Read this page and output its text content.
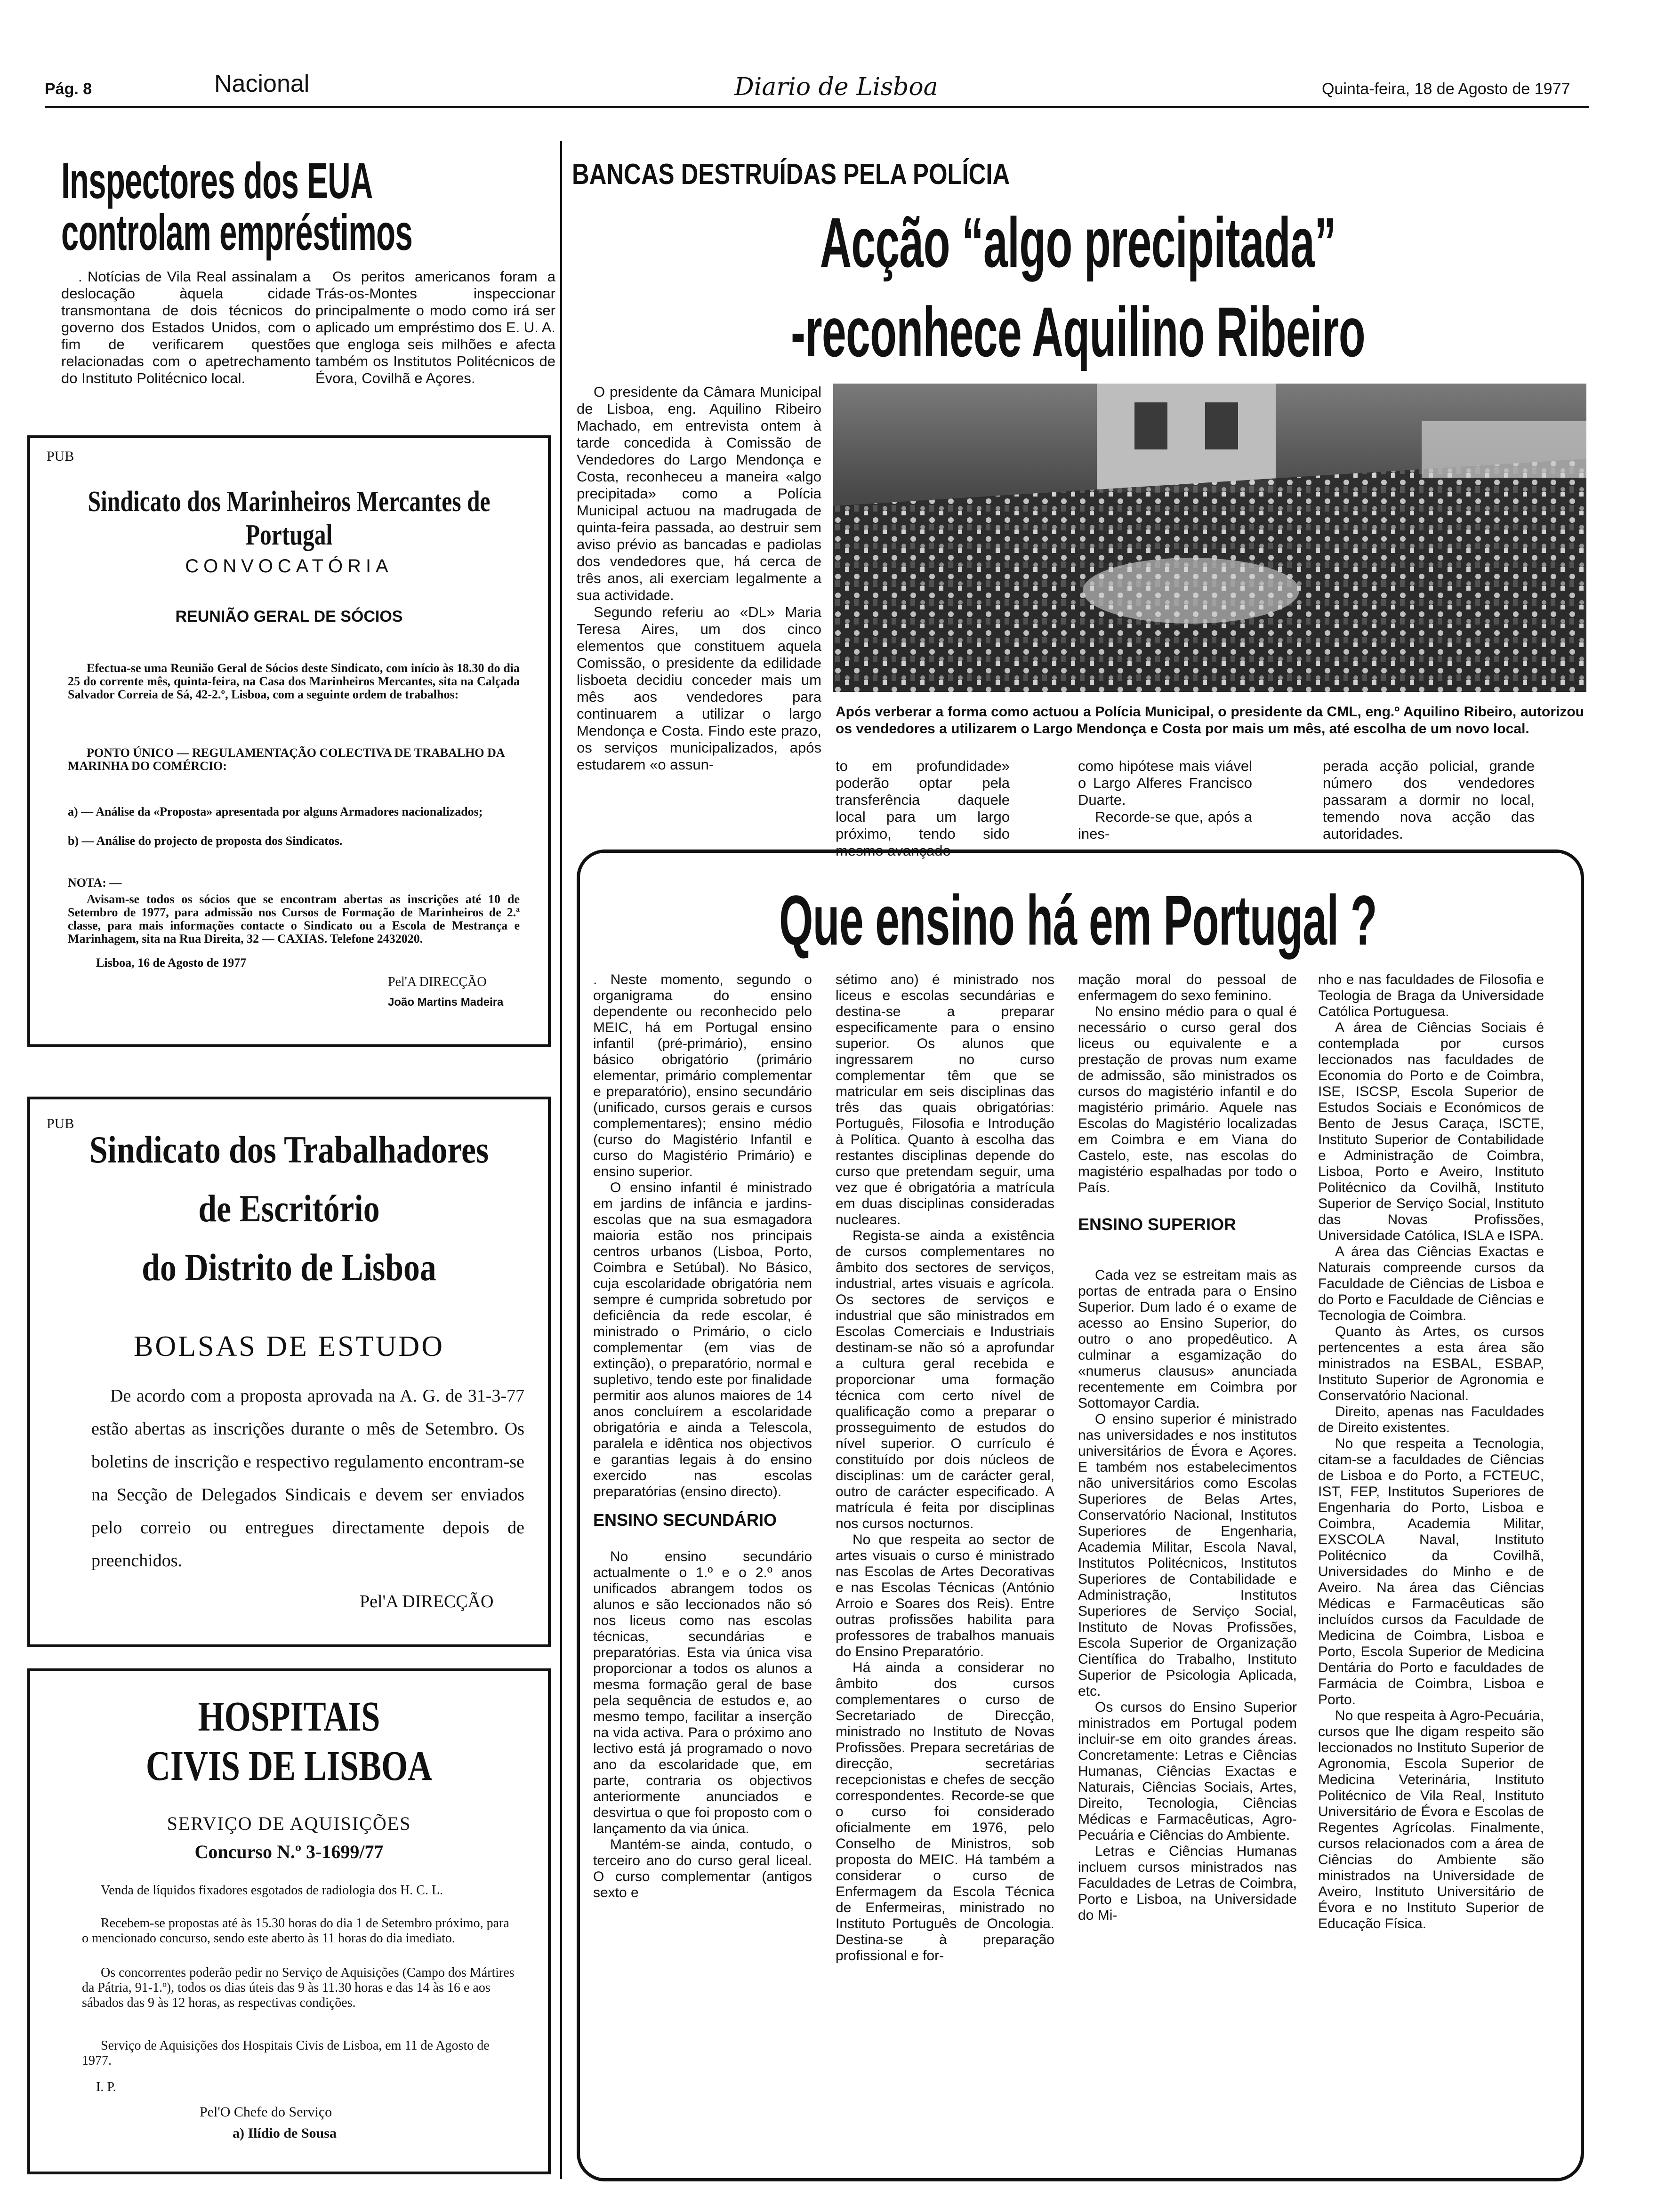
Pág. 8	Nacional	Diario de Lisboa	Quinta-feira, 18 de Agosto de 1977
Inspectores dos EUA
controlam empréstimos

. Notícias de Vila Real assinalam a deslocação àquela cidade transmontana de dois técnicos do governo dos Estados Unidos, com o fim de verificarem questões relacionadas com o apetrechamento do Instituto Politécnico local.

Os peritos americanos foram a Trás-os-Montes inspeccionar principalmente o modo como irá ser aplicado um empréstimo dos E. U. A. que engloga seis milhões e afecta também os Institutos Politécnicos de Évora, Covilhã e Açores.

PUB
Sindicato dos Marinheiros Mercantes de Portugal
CONVOCATÓRIA
REUNIÃO GERAL DE SÓCIOS
Efectua-se uma Reunião Geral de Sócios deste Sindicato, com início às 18.30 do dia 25 do corrente mês, quinta-feira, na Casa dos Marinheiros Mercantes, sita na Calçada Salvador Correia de Sá, 42-2.º, Lisboa, com a seguinte ordem de trabalhos:
PONTO ÚNICO — REGULAMENTAÇÃO COLECTIVA DE TRABALHO DA MARINHA DO COMÉRCIO:
a) — Análise da «Proposta» apresentada por alguns Armadores nacionalizados;
b) — Análise do projecto de proposta dos Sindicatos.
NOTA: —
Avisam-se todos os sócios que se encontram abertas as inscrições até 10 de Setembro de 1977, para admissão nos Cursos de Formação de Marinheiros de 2.ª classe, para mais informações contacte o Sindicato ou a Escola de Mestrança e Marinhagem, sita na Rua Direita, 32 — CAXIAS. Telefone 2432020.
Lisboa, 16 de Agosto de 1977
Pel'A DIRECÇÃO
João Martins Madeira
PUB
Sindicato dos Trabalhadores
de Escritório
do Distrito de Lisboa
BOLSAS DE ESTUDO
De acordo com a proposta aprovada na A. G. de 31-3-77 estão abertas as inscrições durante o mês de Setembro. Os boletins de inscrição e respectivo regulamento encontram-se na Secção de Delegados Sindicais e devem ser enviados pelo correio ou entregues directamente depois de preenchidos.
Pel'A DIRECÇÃO
HOSPITAIS
CIVIS DE LISBOA
SERVIÇO DE AQUISIÇÕES
Concurso N.º 3-1699/77
Venda de líquidos fixadores esgotados de radiologia dos H. C. L.
Recebem-se propostas até às 15.30 horas do dia 1 de Setembro próximo, para o mencionado concurso, sendo este aberto às 11 horas do dia imediato.
Os concorrentes poderão pedir no Serviço de Aquisições (Campo dos Mártires da Pátria, 91-1.º), todos os dias úteis das 9 às 11.30 horas e das 14 às 16 e aos sábados das 9 às 12 horas, as respectivas condições.
Serviço de Aquisições dos Hospitais Civis de Lisboa, em 11 de Agosto de 1977.
I. P.
Pel'O Chefe do Serviço
a) Ilídio de Sousa
BANCAS DESTRUÍDAS PELA POLÍCIA
Acção “algo precipitada”
-reconhece Aquilino Ribeiro

O presidente da Câmara Municipal de Lisboa, eng. Aquilino Ribeiro Machado, em entrevista ontem à tarde concedida à Comissão de Vendedores do Largo Mendonça e Costa, reconheceu a maneira «algo precipitada» como a Polícia Municipal actuou na madrugada de quinta-feira passada, ao destruir sem aviso prévio as bancadas e padiolas dos vendedores que, há cerca de três anos, ali exerciam legalmente a sua actividade.

Segundo referiu ao «DL» Maria Teresa Aires, um dos cinco elementos que constituem aquela Comissão, o presidente da edilidade lisboeta decidiu conceder mais um mês aos vendedores para continuarem a utilizar o largo Mendonça e Costa. Findo este prazo, os serviços municipalizados, após estudarem «o assun-

Após verberar a forma como actuou a Polícia Municipal, o presidente da CML, eng.º Aquilino Ribeiro, autorizou os vendedores a utilizarem o Largo Mendonça e Costa por mais um mês, até escolha de um novo local.

to em profundidade» poderão optar pela transferência daquele local para um largo próximo, tendo sido mesmo avançado

como hipótese mais viável o Largo Alferes Francisco Duarte.

Recorde-se que, após a ines-

perada acção policial, grande número dos vendedores passaram a dormir no local, temendo nova acção das autoridades.

Que ensino há em Portugal ?

. Neste momento, segundo o organigrama do ensino dependente ou reconhecido pelo MEIC, há em Portugal ensino infantil (pré-primário), ensino básico obrigatório (primário elementar, primário complementar e preparatório), ensino secundário (unificado, cursos gerais e cursos complementares); ensino médio (curso do Magistério Infantil e curso do Magistério Primário) e ensino superior.

O ensino infantil é ministrado em jardins de infância e jardins-escolas que na sua esmagadora maioria estão nos principais centros urbanos (Lisboa, Porto, Coimbra e Setúbal). No Básico, cuja escolaridade obrigatória nem sempre é cumprida sobretudo por deficiência da rede escolar, é ministrado o Primário, o ciclo complementar (em vias de extinção), o preparatório, normal e supletivo, tendo este por finalidade permitir aos alunos maiores de 14 anos concluírem a escolaridade obrigatória e ainda a Telescola, paralela e idêntica nos objectivos e garantias legais à do ensino exercido nas escolas preparatórias (ensino directo).

ENSINO SECUNDÁRIO

No ensino secundário actualmente o 1.º e o 2.º anos unificados abrangem todos os alunos e são leccionados não só nos liceus como nas escolas técnicas, secundárias e preparatórias. Esta via única visa proporcionar a todos os alunos a mesma formação geral de base pela sequência de estudos e, ao mesmo tempo, facilitar a inserção na vida activa. Para o próximo ano lectivo está já programado o novo ano da escolaridade que, em parte, contraria os objectivos anteriormente anunciados e desvirtua o que foi proposto com o lançamento da via única.

Mantém-se ainda, contudo, o terceiro ano do curso geral liceal. O curso complementar (antigos sexto e

sétimo ano) é ministrado nos liceus e escolas secundárias e destina-se a preparar especificamente para o ensino superior. Os alunos que ingressarem no curso complementar têm que se matricular em seis disciplinas das três das quais obrigatórias: Português, Filosofia e Introdução à Política. Quanto à escolha das restantes disciplinas depende do curso que pretendam seguir, uma vez que é obrigatória a matrícula em duas disciplinas consideradas nucleares.

Regista-se ainda a existência de cursos complementares no âmbito dos sectores de serviços, industrial, artes visuais e agrícola. Os sectores de serviços e industrial que são ministrados em Escolas Comerciais e Industriais destinam-se não só a aprofundar a cultura geral recebida e proporcionar uma formação técnica com certo nível de qualificação como a preparar o prosseguimento de estudos do nível superior. O currículo é constituído por dois núcleos de disciplinas: um de carácter geral, outro de carácter especificado. A matrícula é feita por disciplinas nos cursos nocturnos.

No que respeita ao sector de artes visuais o curso é ministrado nas Escolas de Artes Decorativas e nas Escolas Técnicas (António Arroio e Soares dos Reis). Entre outras profissões habilita para professores de trabalhos manuais do Ensino Preparatório.

Há ainda a considerar no âmbito dos cursos complementares o curso de Secretariado de Direcção, ministrado no Instituto de Novas Profissões. Prepara secretárias de direcção, secretárias recepcionistas e chefes de secção correspondentes. Recorde-se que o curso foi considerado oficialmente em 1976, pelo Conselho de Ministros, sob proposta do MEIC. Há também a considerar o curso de Enfermagem da Escola Técnica de Enfermeiras, ministrado no Instituto Português de Oncologia. Destina-se à preparação profissional e for-

mação moral do pessoal de enfermagem do sexo feminino.

No ensino médio para o qual é necessário o curso geral dos liceus ou equivalente e a prestação de provas num exame de admissão, são ministrados os cursos do magistério infantil e do magistério primário. Aquele nas Escolas do Magistério localizadas em Coimbra e em Viana do Castelo, este, nas escolas do magistério espalhadas por todo o País.

ENSINO SUPERIOR

Cada vez se estreitam mais as portas de entrada para o Ensino Superior. Dum lado é o exame de acesso ao Ensino Superior, do outro o ano propedêutico. A culminar a esgamização do «numerus clausus» anunciada recentemente em Coimbra por Sottomayor Cardia.

O ensino superior é ministrado nas universidades e nos institutos universitários de Évora e Açores. E também nos estabelecimentos não universitários como Escolas Superiores de Belas Artes, Conservatório Nacional, Institutos Superiores de Engenharia, Academia Militar, Escola Naval, Institutos Politécnicos, Institutos Superiores de Contabilidade e Administração, Institutos Superiores de Serviço Social, Instituto de Novas Profissões, Escola Superior de Organização Científica do Trabalho, Instituto Superior de Psicologia Aplicada, etc.

Os cursos do Ensino Superior ministrados em Portugal podem incluir-se em oito grandes áreas. Concretamente: Letras e Ciências Humanas, Ciências Exactas e Naturais, Ciências Sociais, Artes, Direito, Tecnologia, Ciências Médicas e Farmacêuticas, Agro-Pecuária e Ciências do Ambiente.

Letras e Ciências Humanas incluem cursos ministrados nas Faculdades de Letras de Coimbra, Porto e Lisboa, na Universidade do Mi-

nho e nas faculdades de Filosofia e Teologia de Braga da Universidade Católica Portuguesa.

A área de Ciências Sociais é contemplada por cursos leccionados nas faculdades de Economia do Porto e de Coimbra, ISE, ISCSP, Escola Superior de Estudos Sociais e Económicos de Bento de Jesus Caraça, ISCTE, Instituto Superior de Contabilidade e Administração de Coimbra, Lisboa, Porto e Aveiro, Instituto Politécnico da Covilhã, Instituto Superior de Serviço Social, Instituto das Novas Profissões, Universidade Católica, ISLA e ISPA.

A área das Ciências Exactas e Naturais compreende cursos da Faculdade de Ciências de Lisboa e do Porto e Faculdade de Ciências e Tecnologia de Coimbra.

Quanto às Artes, os cursos pertencentes a esta área são ministrados na ESBAL, ESBAP, Instituto Superior de Agronomia e Conservatório Nacional.

Direito, apenas nas Faculdades de Direito existentes.

No que respeita a Tecnologia, citam-se a faculdades de Ciências de Lisboa e do Porto, a FCTEUC, IST, FEP, Institutos Superiores de Engenharia do Porto, Lisboa e Coimbra, Academia Militar, EXSCOLA Naval, Instituto Politécnico da Covilhã, Universidades do Minho e de Aveiro. Na área das Ciências Médicas e Farmacêuticas são incluídos cursos da Faculdade de Medicina de Coimbra, Lisboa e Porto, Escola Superior de Medicina Dentária do Porto e faculdades de Farmácia de Coimbra, Lisboa e Porto.

No que respeita à Agro-Pecuária, cursos que lhe digam respeito são leccionados no Instituto Superior de Agronomia, Escola Superior de Medicina Veterinária, Instituto Politécnico de Vila Real, Instituto Universitário de Évora e Escolas de Regentes Agrícolas. Finalmente, cursos relacionados com a área de Ciências do Ambiente são ministrados na Universidade de Aveiro, Instituto Universitário de Évora e no Instituto Superior de Educação Física.
